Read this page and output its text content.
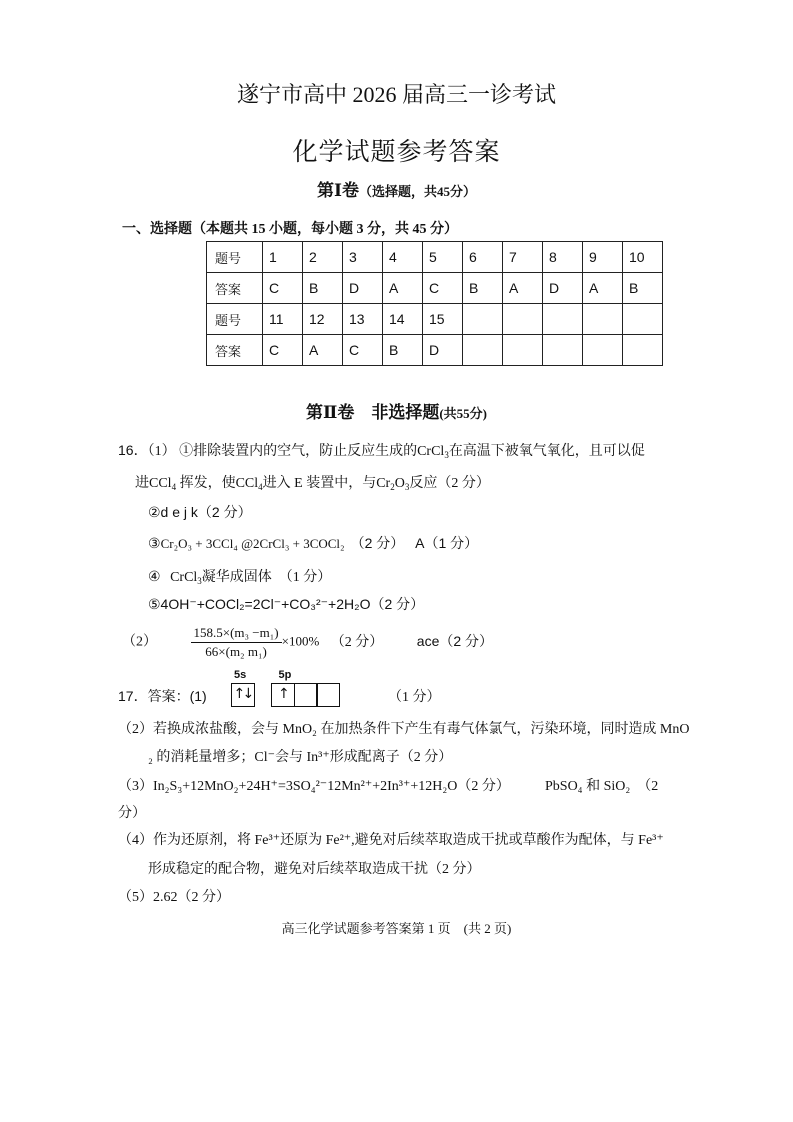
遂宁市高中 2026 届高三一诊考试
化学试题参考答案
第Ⅰ卷（选择题，共45分）
一、选择题（本题共 15 小题，每小题 3 分，共 45 分）
题号	1	2	3	4	5	6	7	8	9	10
答案	C	B	D	A	C	B	A	D	A	B
题号	11	12	13	14	15					
答案	C	A	C	B	D					
第Ⅱ卷　非选择题(共55分)
16．（1） ①排除装置内的空气，防止反应生成的CrCl$_3$在高温下被氧气氧化，且可以促
进CCl$_4$ 挥发，使CCl$_4$进入 E 装置中，与$Cr_2O_3$反应（2 分）
②d e j k（2 分）
③Cr₂O₃ + 3CCl₄ @2CrCl₃ + 3COCl₂ （2 分）　 A（1 分）
④ CrCl$_3$凝华成固体　（1 分）
⑤4OH⁻+COCl₂=2Cl⁻+CO₃²⁻+2H₂O（2 分）
（2）	$\frac{\text{158.5×(m₃ −m₁)}}{\text{66×(m₂ m₁)}} \times 100\%$ （2 分） ace（2 分）
17．答案：(1)
5s
↑
↓

5p
↑	（1 分）
（2）若换成浓盐酸，会与 MnO₂ 在加热条件下产生有毒气体氯气，污染环境，同时造成 MnO
₂ 的消耗量增多；Cl⁻会与 In³⁺形成配离子（2 分）
（3）In₂S₃+12MnO₂+24H⁺=3SO₄²⁻12Mn²⁺+2In³⁺+12H₂O（2 分）	PbSO₄ 和 SiO₂　（2
分）
（4）作为还原剂，将 Fe³⁺还原为 Fe²⁺,避免对后续萃取造成干扰或草酸作为配体，与 Fe³⁺
形成稳定的配合物，避免对后续萃取造成干扰（2 分）
（5）2.62（2 分）
高三化学试题参考答案第 1 页　(共 2 页)
